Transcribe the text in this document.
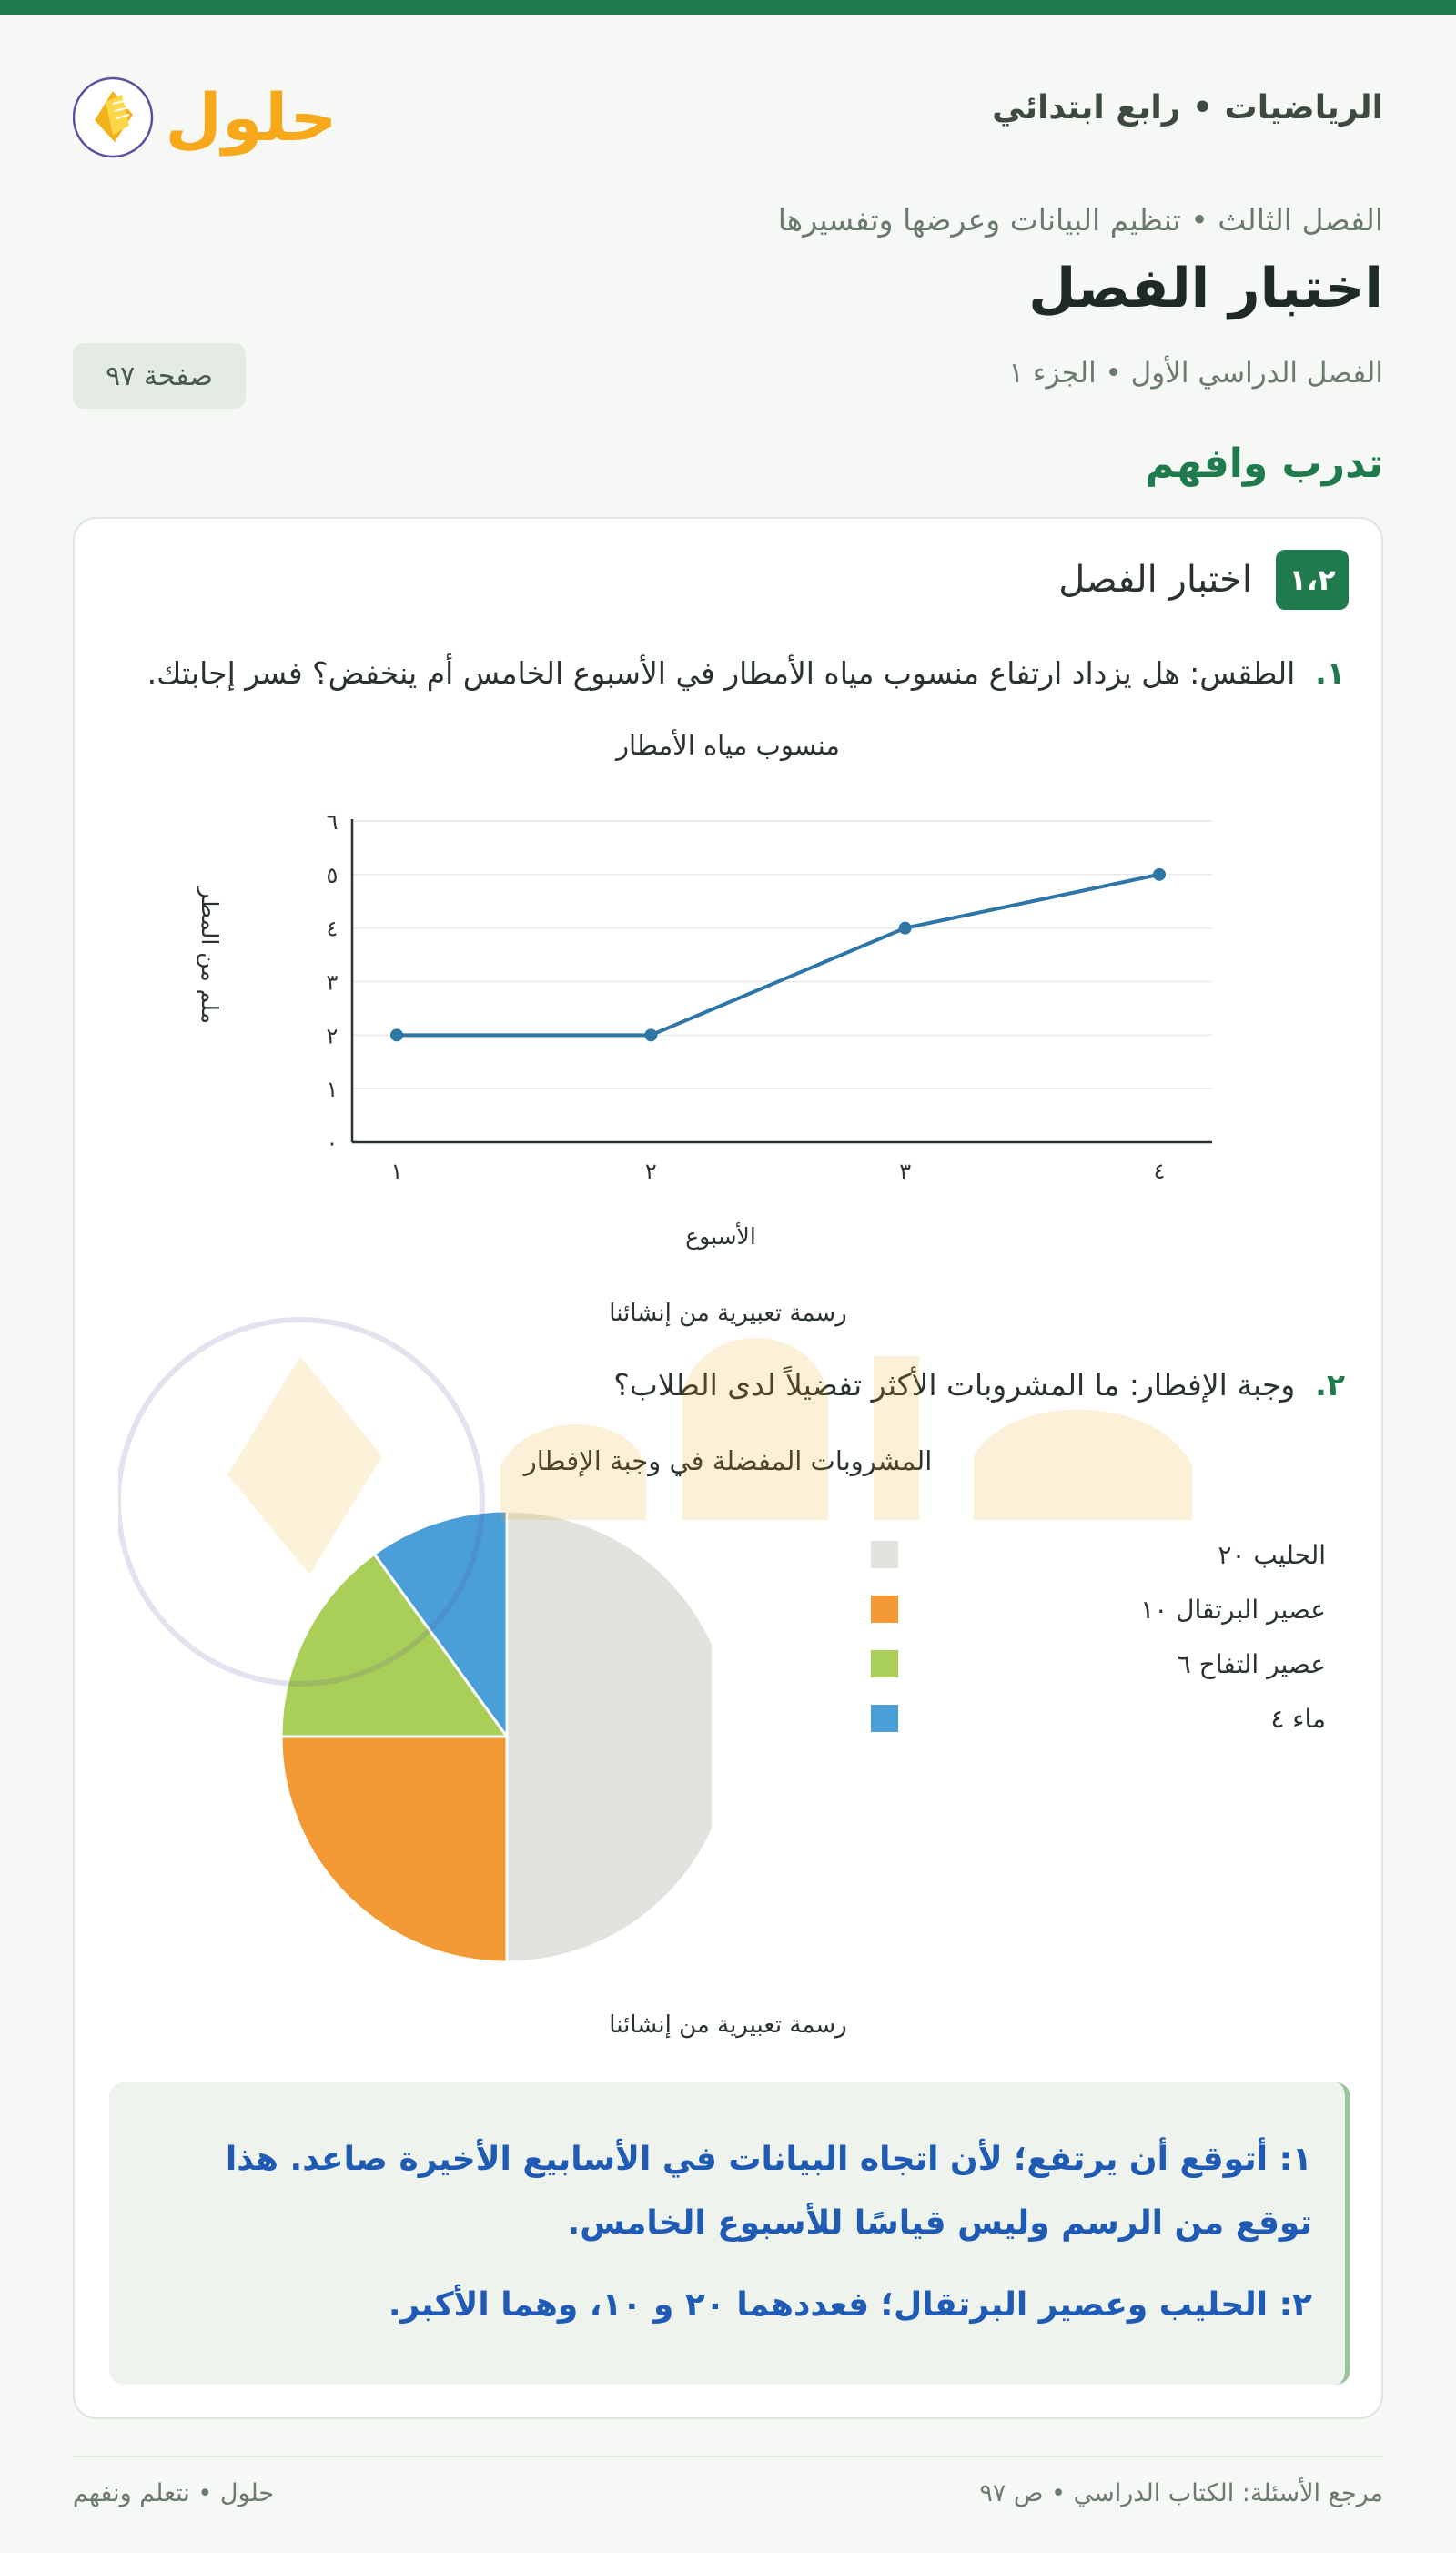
الرياضيات • رابع ابتدائي
حلول
الفصل الثالث • تنظيم البيانات وعرضها وتفسيرها
اختبار الفصل
الفصل الدراسي الأول • الجزء ١
صفحة ٩٧
تدرب وافهم
١،٢
اختبار الفصل
١.
الطقس: هل يزداد ارتفاع منسوب مياه الأمطار في الأسبوع الخامس أم ينخفض؟ فسر إجابتك.
منسوب مياه الأمطار
٠
١
٢
٣
٤
٥
٦
١	٢	٣	٤
الأسبوع
ملم من المطر
رسمة تعبيرية من إنشائنا
٢.
وجبة الإفطار: ما المشروبات الأكثر تفضيلاً لدى الطلاب؟
المشروبات المفضلة في وجبة الإفطار
الحليب ٢٠
عصير البرتقال ١٠
عصير التفاح ٦
ماء ٤
رسمة تعبيرية من إنشائنا

١: أتوقع أن يرتفع؛ لأن اتجاه البيانات في الأسابيع الأخيرة صاعد. هذا توقع من الرسم وليس قياسًا للأسبوع الخامس.

٢: الحليب وعصير البرتقال؛ فعددهما ٢٠ و ١٠، وهما الأكبر.

مرجع الأسئلة: الكتاب الدراسي • ص ٩٧
حلول • نتعلم ونفهم
